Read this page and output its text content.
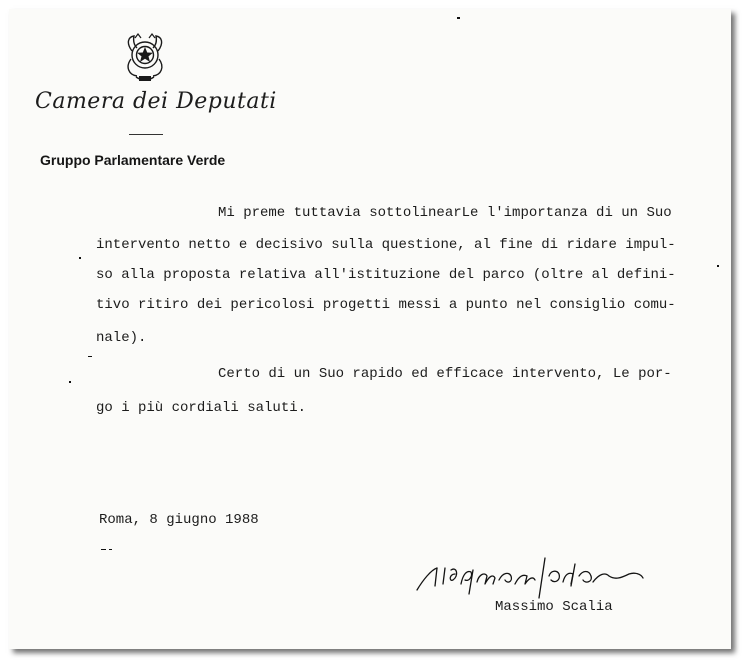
Camera dei Deputati
Gruppo Parlamentare Verde
Mi preme tuttavia sottolinearLe l'importanza di un Suo
intervento netto e decisivo sulla questione, al fine di ridare impul-
so alla proposta relativa all'istituzione del parco (oltre al defini-
tivo ritiro dei pericolosi progetti messi a punto nel consiglio comu-
nale).
Certo di un Suo rapido ed efficace intervento, Le por-
go i più cordiali saluti.
Roma, 8 giugno 1988
Massimo Scalia
